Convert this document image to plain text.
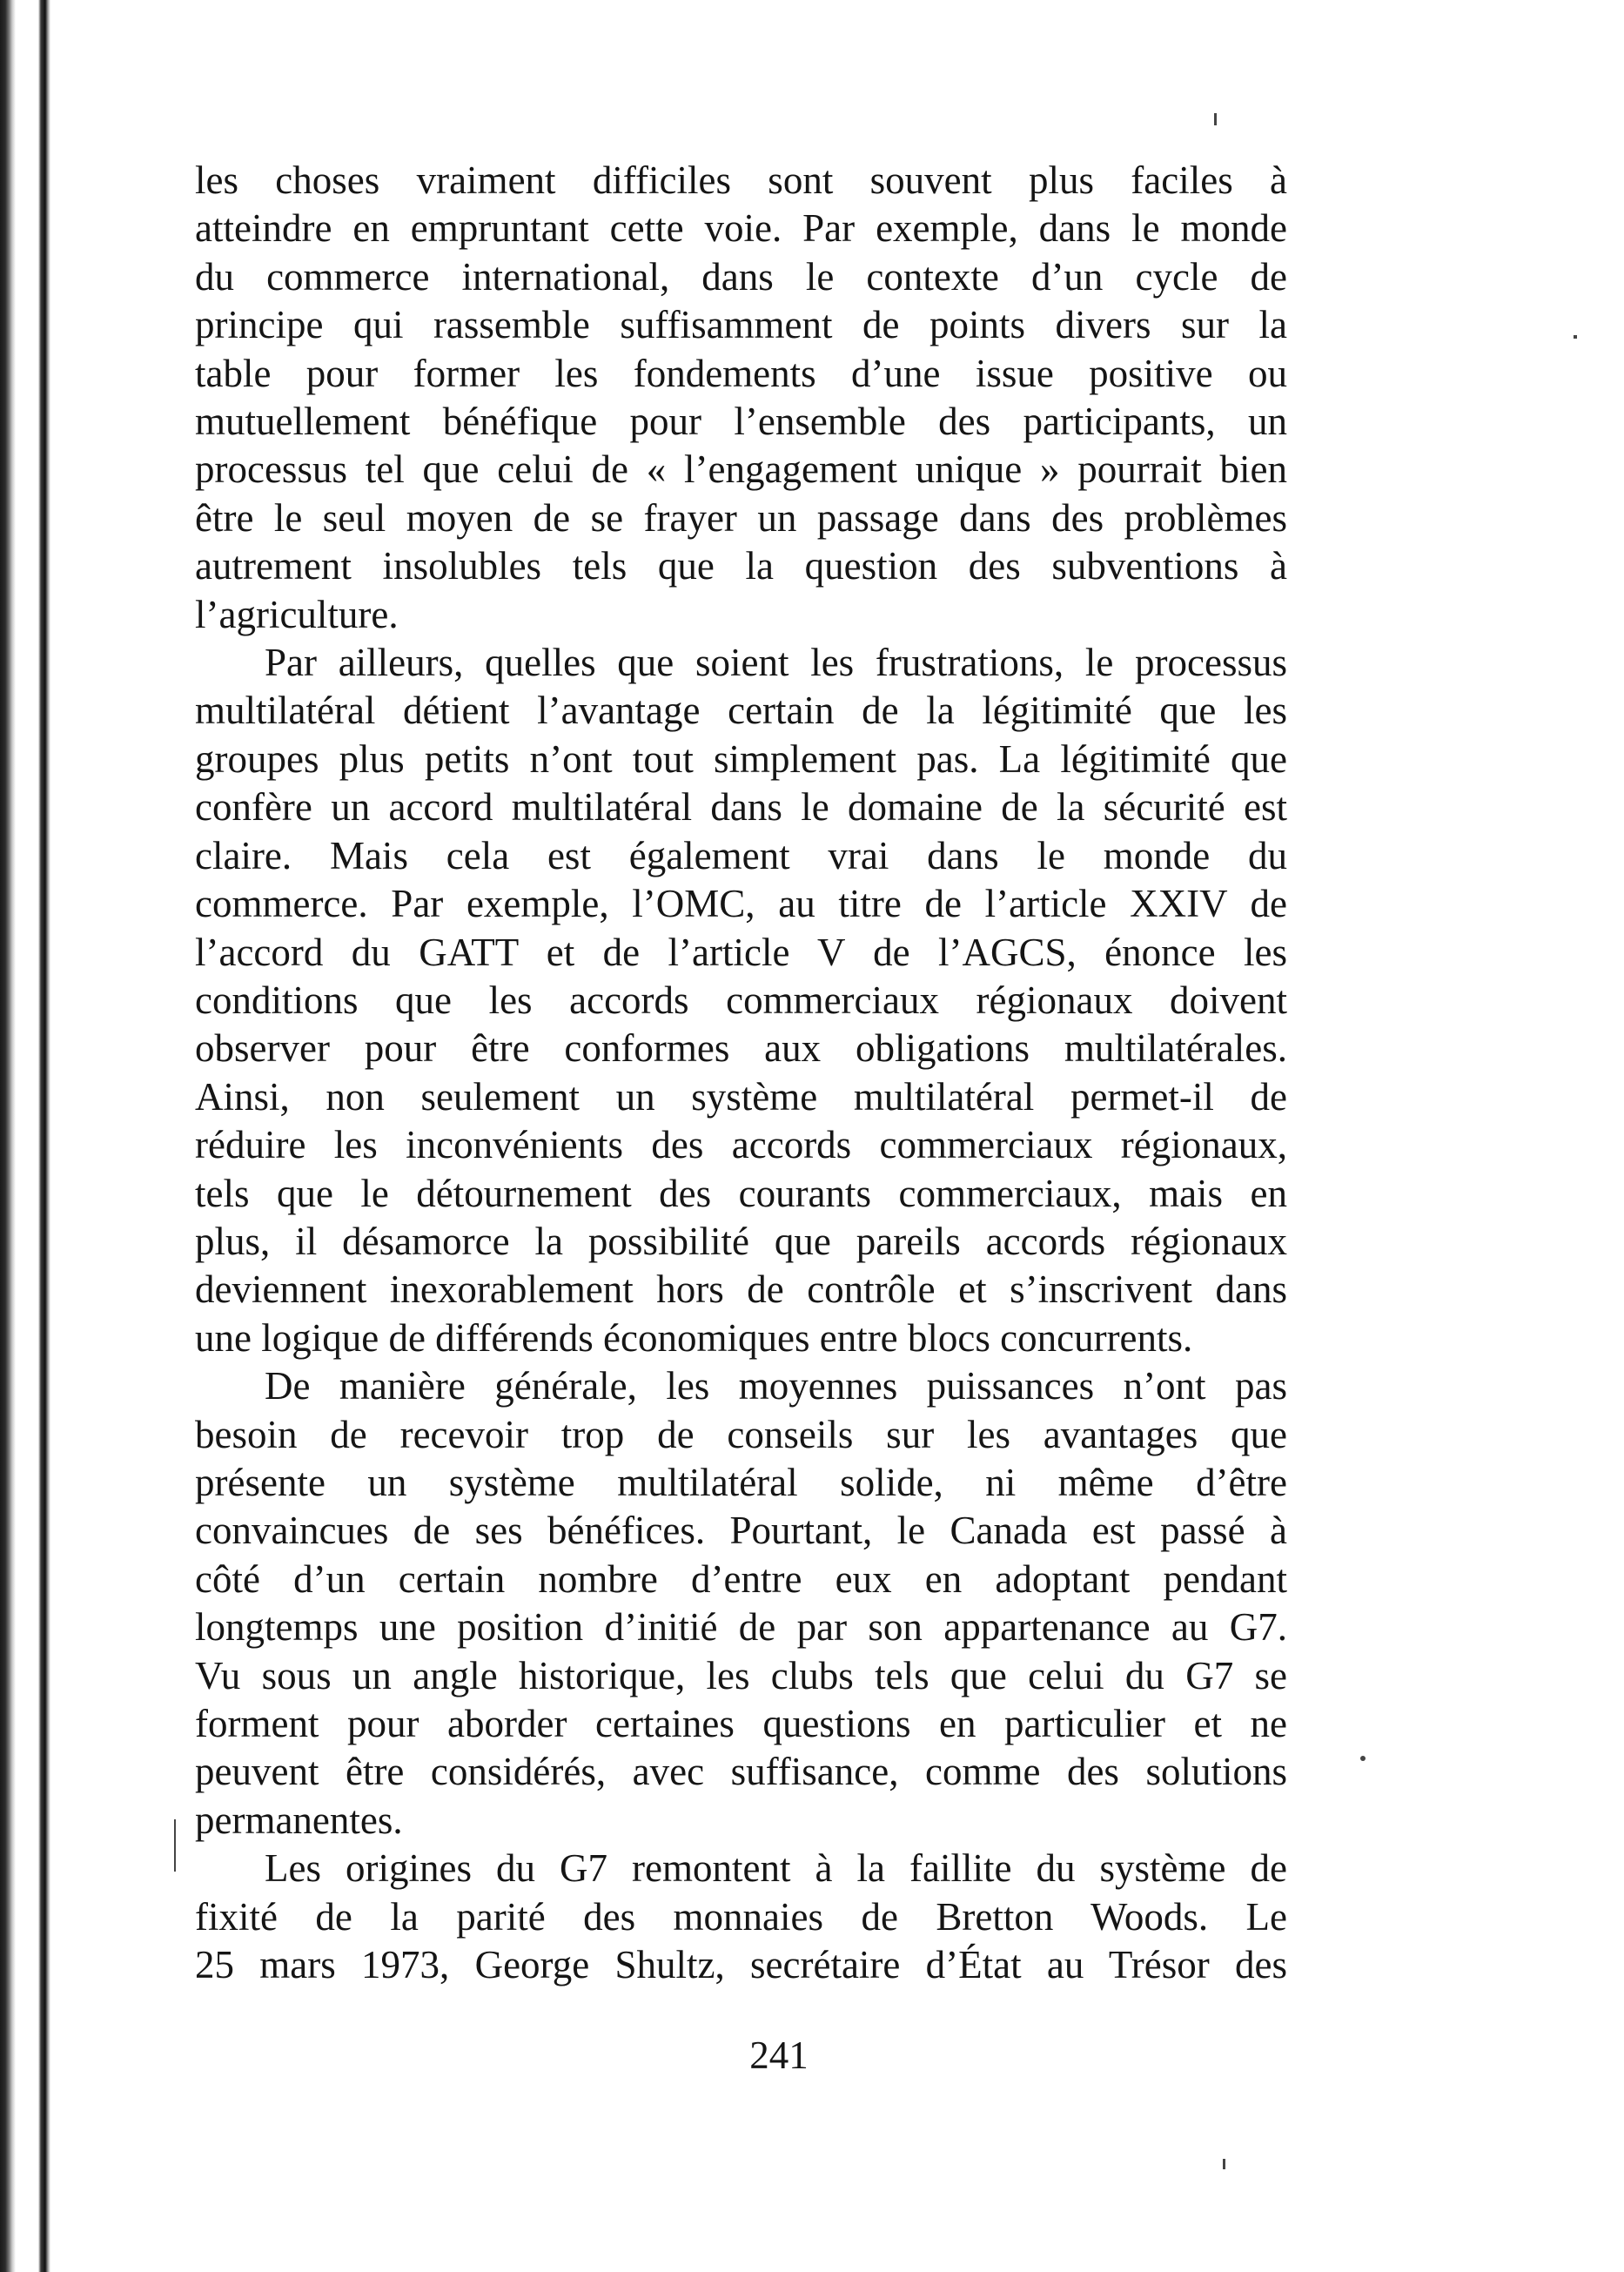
les choses vraiment difficiles sont souvent plus faciles à
atteindre en empruntant cette voie. Par exemple, dans le monde
du commerce international, dans le contexte d’un cycle de
principe qui rassemble suffisamment de points divers sur la
table pour former les fondements d’une issue positive ou
mutuellement bénéfique pour l’ensemble des participants, un
processus tel que celui de « l’engagement unique » pourrait bien
être le seul moyen de se frayer un passage dans des problèmes
autrement insolubles tels que la question des subventions à
l’agriculture.

Par ailleurs, quelles que soient les frustrations, le processus
multilatéral détient l’avantage certain de la légitimité que les
groupes plus petits n’ont tout simplement pas. La légitimité que
confère un accord multilatéral dans le domaine de la sécurité est
claire. Mais cela est également vrai dans le monde du
commerce. Par exemple, l’OMC, au titre de l’article XXIV de
l’accord du GATT et de l’article V de l’AGCS, énonce les
conditions que les accords commerciaux régionaux doivent
observer pour être conformes aux obligations multilatérales.
Ainsi, non seulement un système multilatéral permet-il de
réduire les inconvénients des accords commerciaux régionaux,
tels que le détournement des courants commerciaux, mais en
plus, il désamorce la possibilité que pareils accords régionaux
deviennent inexorablement hors de contrôle et s’inscrivent dans
une logique de différends économiques entre blocs concurrents.

De manière générale, les moyennes puissances n’ont pas
besoin de recevoir trop de conseils sur les avantages que
présente un système multilatéral solide, ni même d’être
convaincues de ses bénéfices. Pourtant, le Canada est passé à
côté d’un certain nombre d’entre eux en adoptant pendant
longtemps une position d’initié de par son appartenance au G7.
Vu sous un angle historique, les clubs tels que celui du G7 se
forment pour aborder certaines questions en particulier et ne
peuvent être considérés, avec suffisance, comme des solutions
permanentes.

Les origines du G7 remontent à la faillite du système de
fixité de la parité des monnaies de Bretton Woods. Le
25 mars 1973, George Shultz, secrétaire d’État au Trésor des

241
